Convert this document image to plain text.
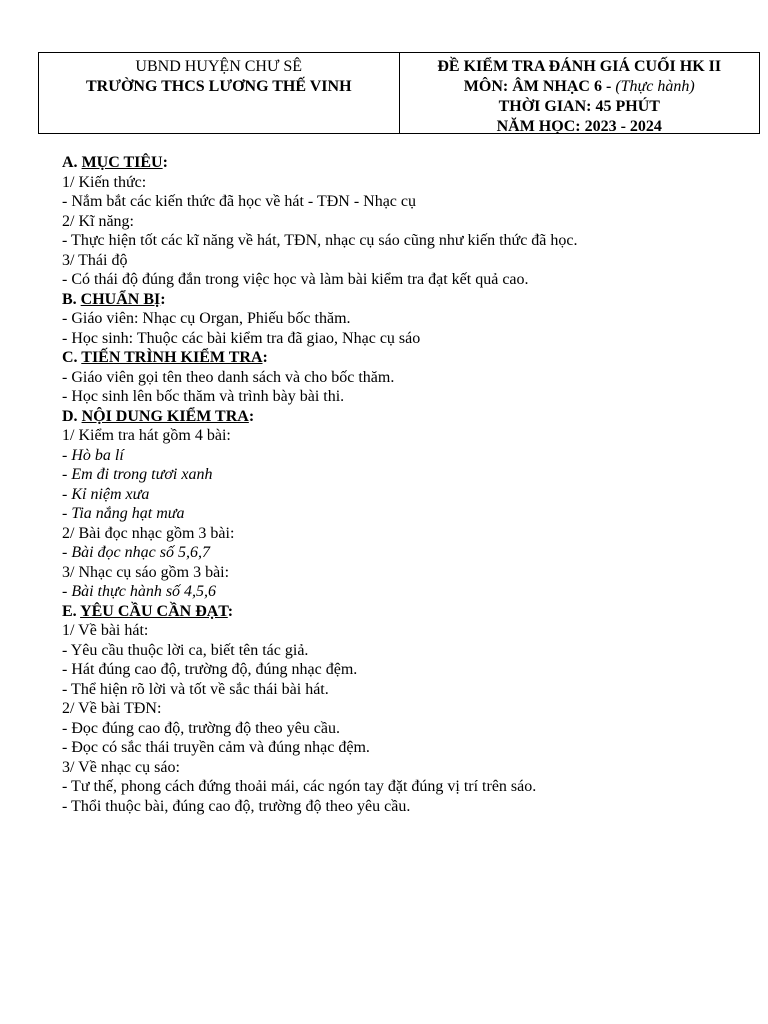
UBND HUYỆN CHƯ SÊ
TRƯỜNG THCS LƯƠNG THẾ VINH
ĐỀ KIỂM TRA ĐÁNH GIÁ CUỐI HK II
MÔN: ÂM NHẠC 6 - (Thực hành)
THỜI GIAN: 45 PHÚT
NĂM HỌC: 2023 - 2024
A. MỤC TIÊU:
1/ Kiến thức:
- Nắm bắt các kiến thức đã học về hát - TĐN - Nhạc cụ
2/ Kĩ năng:
- Thực hiện tốt các kĩ năng về hát, TĐN, nhạc cụ sáo cũng như kiến thức đã học.
3/ Thái độ
- Có thái độ đúng đắn trong việc học và làm bài kiểm tra đạt kết quả cao.
B. CHUẨN BỊ:
- Giáo viên: Nhạc cụ Organ, Phiếu bốc thăm.
- Học sinh: Thuộc các bài kiểm tra đã giao, Nhạc cụ sáo
C. TIẾN TRÌNH KIỂM TRA:
- Giáo viên gọi tên theo danh sách và cho bốc thăm.
- Học sinh lên bốc thăm và trình bày bài thi.
D. NỘI DUNG KIỂM TRA:
1/ Kiểm tra hát gồm 4 bài:
- Hò ba lí
- Em đi trong tươi xanh
- Kỉ niệm xưa
- Tia nắng hạt mưa
2/ Bài đọc nhạc gồm 3 bài:
- Bài đọc nhạc số 5,6,7
3/ Nhạc cụ sáo gồm 3 bài:
- Bài thực hành số 4,5,6
E. YÊU CẦU CẦN ĐẠT:
1/ Về bài hát:
- Yêu cầu thuộc lời ca, biết tên tác giả.
- Hát đúng cao độ, trường độ, đúng nhạc đệm.
- Thể hiện rõ lời và tốt về sắc thái bài hát.
2/ Về bài TĐN:
- Đọc đúng cao độ, trường độ theo yêu cầu.
- Đọc có sắc thái truyền cảm và đúng nhạc đệm.
3/ Về nhạc cụ sáo:
- Tư thế, phong cách đứng thoải mái, các ngón tay đặt đúng vị trí trên sáo.
- Thổi thuộc bài, đúng cao độ, trường độ theo yêu cầu.
